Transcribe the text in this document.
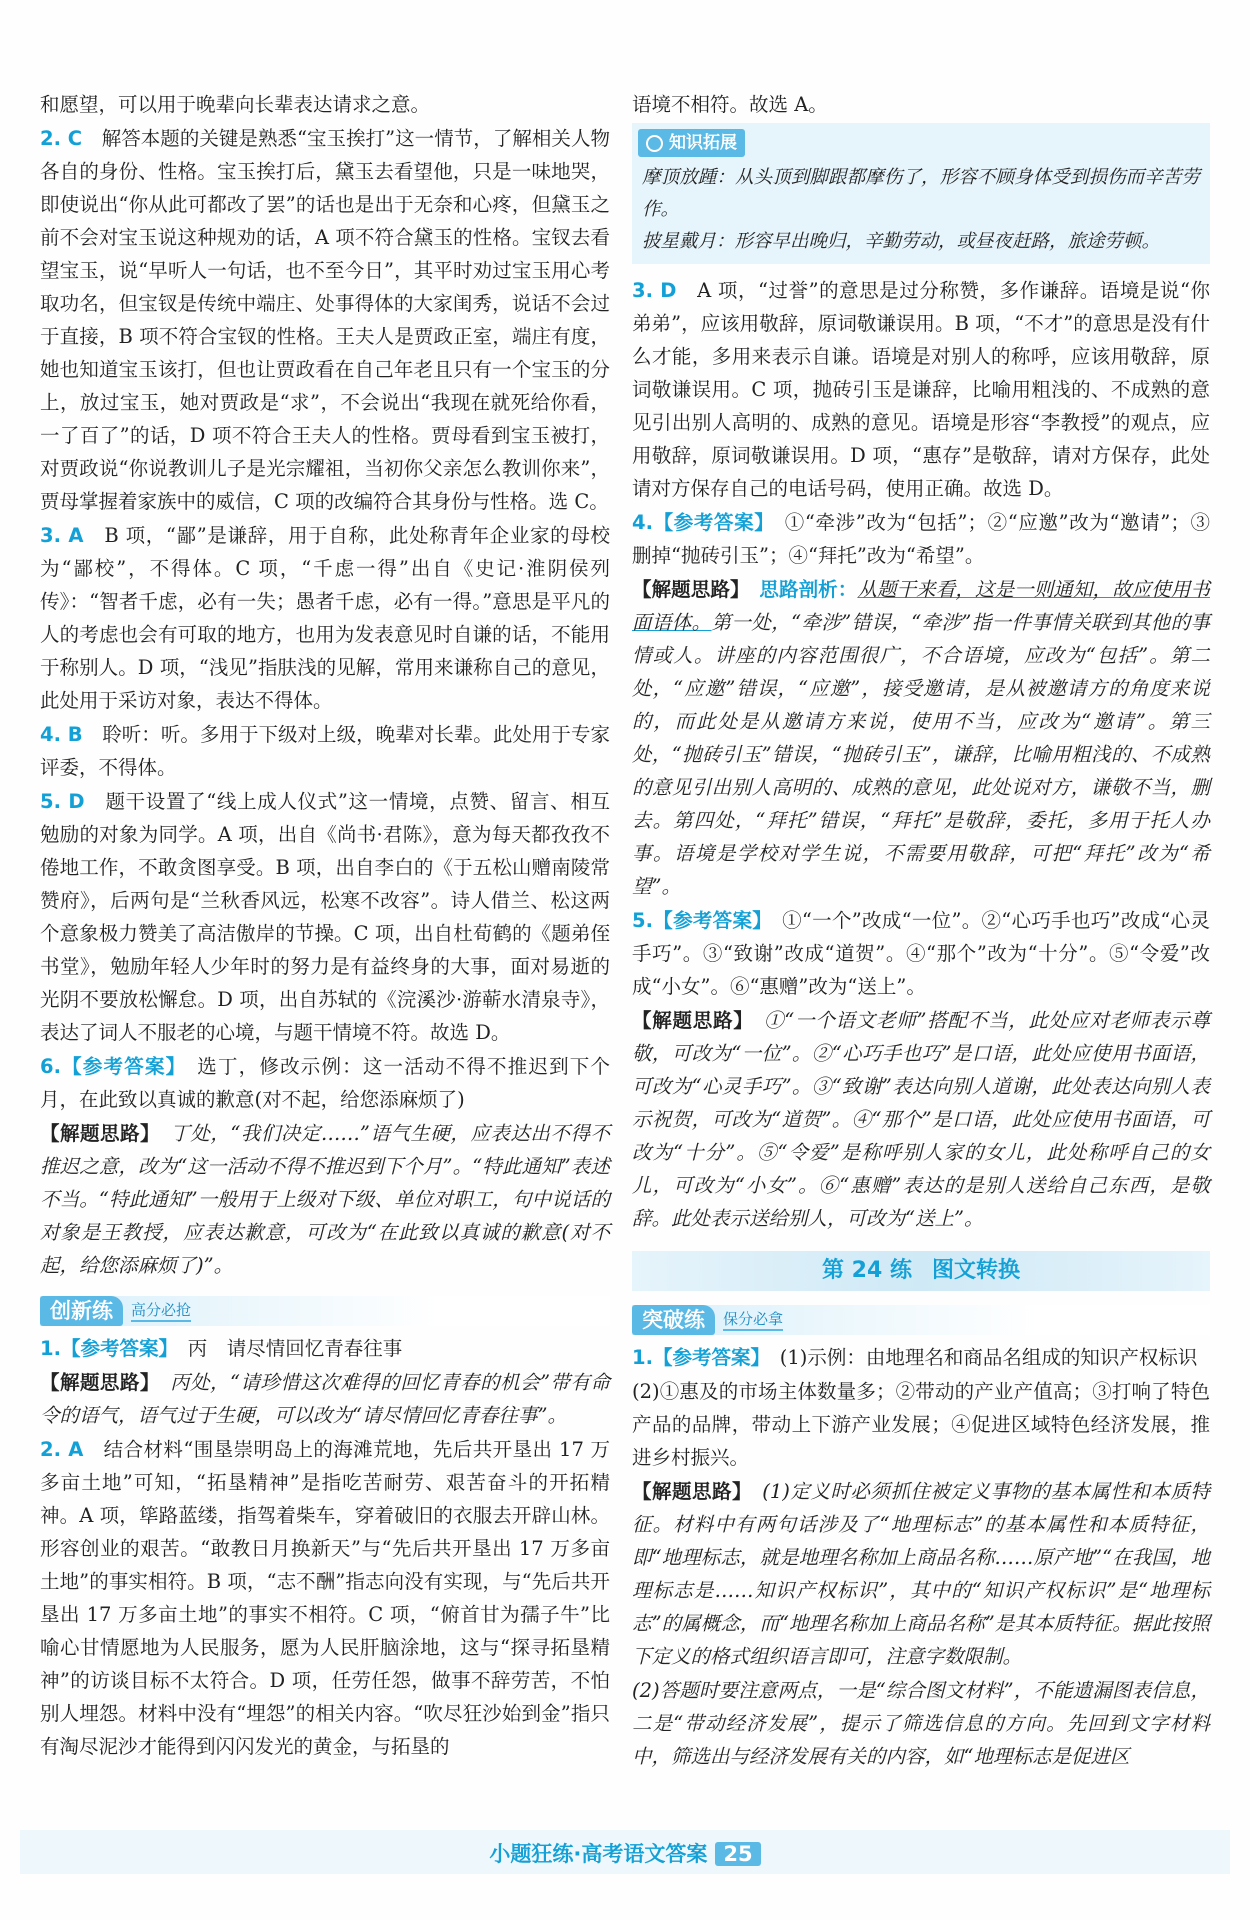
和愿望，可以用于晚辈向长辈表达请求之意。

2. C　 解答本题的关键是熟悉“宝玉挨打”这一情节，了解相关人物各自的身份、性格。宝玉挨打后，黛玉去看望他，只是一味地哭，即使说出“你从此可都改了罢”的话也是出于无奈和心疼，但黛玉之前不会对宝玉说这种规劝的话，A 项不符合黛玉的性格。宝钗去看望宝玉，说“早听人一句话，也不至今日”，其平时劝过宝玉用心考取功名，但宝钗是传统中端庄、处事得体的大家闺秀，说话不会过于直接，B 项不符合宝钗的性格。王夫人是贾政正室，端庄有度，她也知道宝玉该打，但也让贾政看在自己年老且只有一个宝玉的分上，放过宝玉，她对贾政是“求”，不会说出“我现在就死给你看，一了百了”的话，D 项不符合王夫人的性格。贾母看到宝玉被打，对贾政说“你说教训儿子是光宗耀祖，当初你父亲怎么教训你来”，贾母掌握着家族中的威信，C 项的改编符合其身份与性格。选 C。

3. A　 B 项，“鄙”是谦辞，用于自称，此处称青年企业家的母校为“鄙校”，不得体。C 项，“千虑一得”出自《史记·淮阴侯列传》：“智者千虑，必有一失；愚者千虑，必有一得。”意思是平凡的人的考虑也会有可取的地方，也用为发表意见时自谦的话，不能用于称别人。D 项，“浅见”指肤浅的见解，常用来谦称自己的意见，此处用于采访对象，表达不得体。

4. B　 聆听：听。多用于下级对上级，晚辈对长辈。此处用于专家评委，不得体。

5. D　 题干设置了“线上成人仪式”这一情境，点赞、留言、相互勉励的对象为同学。A 项，出自《尚书·君陈》，意为每天都孜孜不倦地工作，不敢贪图享受。B 项，出自李白的《于五松山赠南陵常赞府》，后两句是“兰秋香风远，松寒不改容”。诗人借兰、松这两个意象极力赞美了高洁傲岸的节操。C 项，出自杜荀鹤的《题弟侄书堂》，勉励年轻人少年时的努力是有益终身的大事，面对易逝的光阴不要放松懈怠。D 项，出自苏轼的《浣溪沙·游蕲水清泉寺》，表达了词人不服老的心境，与题干情境不符。故选 D。

6.【参考答案】　 选丁，修改示例：这一活动不得不推迟到下个月，在此致以真诚的歉意(对不起，给您添麻烦了)

【解题思路】　 丁处，“我们决定……”语气生硬，应表达出不得不推迟之意，改为“这一活动不得不推迟到下个月”。“特此通知”表述不当。“特此通知”一般用于上级对下级、单位对职工，句中说话的对象是王教授，应表达歉意，可改为“在此致以真诚的歉意(对不起，给您添麻烦了)”。

创新练	高分必抢

1.【参考答案】　 丙　请尽情回忆青春往事

【解题思路】　 丙处，“请珍惜这次难得的回忆青春的机会”带有命令的语气，语气过于生硬，可以改为“请尽情回忆青春往事”。

2. A　 结合材料“围垦崇明岛上的海滩荒地，先后共开垦出 17 万多亩土地”可知，“拓垦精神”是指吃苦耐劳、艰苦奋斗的开拓精神。A 项，筚路蓝缕，指驾着柴车，穿着破旧的衣服去开辟山林。形容创业的艰苦。“敢教日月换新天”与“先后共开垦出 17 万多亩土地”的事实相符。B 项，“志不酬”指志向没有实现，与“先后共开垦出 17 万多亩土地”的事实不相符。C 项，“俯首甘为孺子牛”比喻心甘情愿地为人民服务，愿为人民肝脑涂地，这与“探寻拓垦精神”的访谈目标不太符合。D 项，任劳任怨，做事不辞劳苦，不怕别人埋怨。材料中没有“埋怨”的相关内容。“吹尽狂沙始到金”指只有淘尽泥沙才能得到闪闪发光的黄金，与拓垦的

语境不相符。故选 A。

知识拓展
摩顶放踵：从头顶到脚跟都摩伤了，形容不顾身体受到损伤而辛苦劳作。
披星戴月：形容早出晚归，辛勤劳动，或昼夜赶路，旅途劳顿。

3. D　 A 项，“过誉”的意思是过分称赞，多作谦辞。语境是说“你弟弟”，应该用敬辞，原词敬谦误用。B 项，“不才”的意思是没有什么才能，多用来表示自谦。语境是对别人的称呼，应该用敬辞，原词敬谦误用。C 项，抛砖引玉是谦辞，比喻用粗浅的、不成熟的意见引出别人高明的、成熟的意见。语境是形容“李教授”的观点，应用敬辞，原词敬谦误用。D 项，“惠存”是敬辞，请对方保存，此处请对方保存自己的电话号码，使用正确。故选 D。

4.【参考答案】　 ①“牵涉”改为“包括”；②“应邀”改为“邀请”；③删掉“抛砖引玉”；④“拜托”改为“希望”。

【解题思路】　 思路剖析：从题干来看，这是一则通知，故应使用书面语体。第一处，“牵涉”错误，“牵涉”指一件事情关联到其他的事情或人。讲座的内容范围很广，不合语境，应改为“包括”。第二处，“应邀”错误，“应邀”，接受邀请，是从被邀请方的角度来说的，而此处是从邀请方来说，使用不当，应改为“邀请”。第三处，“抛砖引玉”错误，“抛砖引玉”，谦辞，比喻用粗浅的、不成熟的意见引出别人高明的、成熟的意见，此处说对方，谦敬不当，删去。第四处，“拜托”错误，“拜托”是敬辞，委托，多用于托人办事。语境是学校对学生说，不需要用敬辞，可把“拜托”改为“希望”。

5.【参考答案】　 ①“一个”改成“一位”。②“心巧手也巧”改成“心灵手巧”。③“致谢”改成“道贺”。④“那个”改为“十分”。⑤“令爱”改成“小女”。⑥“惠赠”改为“送上”。

【解题思路】　 ①“一个语文老师”搭配不当，此处应对老师表示尊敬，可改为“一位”。②“心巧手也巧”是口语，此处应使用书面语，可改为“心灵手巧”。③“致谢”表达向别人道谢，此处表达向别人表示祝贺，可改为“道贺”。④“那个”是口语，此处应使用书面语，可改为“十分”。⑤“令爱”是称呼别人家的女儿，此处称呼自己的女儿，可改为“小女”。⑥“惠赠”表达的是别人送给自己东西，是敬辞。此处表示送给别人，可改为“送上”。

第 24 练 图文转换
突破练	保分必拿

1.【参考答案】　 (1)示例：由地理名和商品名组成的知识产权标识

(2)①惠及的市场主体数量多；②带动的产业产值高；③打响了特色产品的品牌，带动上下游产业发展；④促进区域特色经济发展，推进乡村振兴。

【解题思路】　 (1)定义时必须抓住被定义事物的基本属性和本质特征。材料中有两句话涉及了“地理标志”的基本属性和本质特征，即“地理标志，就是地理名称加上商品名称……原产地”“在我国，地理标志是……知识产权标识”，其中的“知识产权标识”是“地理标志”的属概念，而“地理名称加上商品名称”是其本质特征。据此按照下定义的格式组织语言即可，注意字数限制。

(2)答题时要注意两点，一是“综合图文材料”，不能遗漏图表信息，二是“带动经济发展”，提示了筛选信息的方向。先回到文字材料中，筛选出与经济发展有关的内容，如“地理标志是促进区

小题狂练·高考语文答案 25
